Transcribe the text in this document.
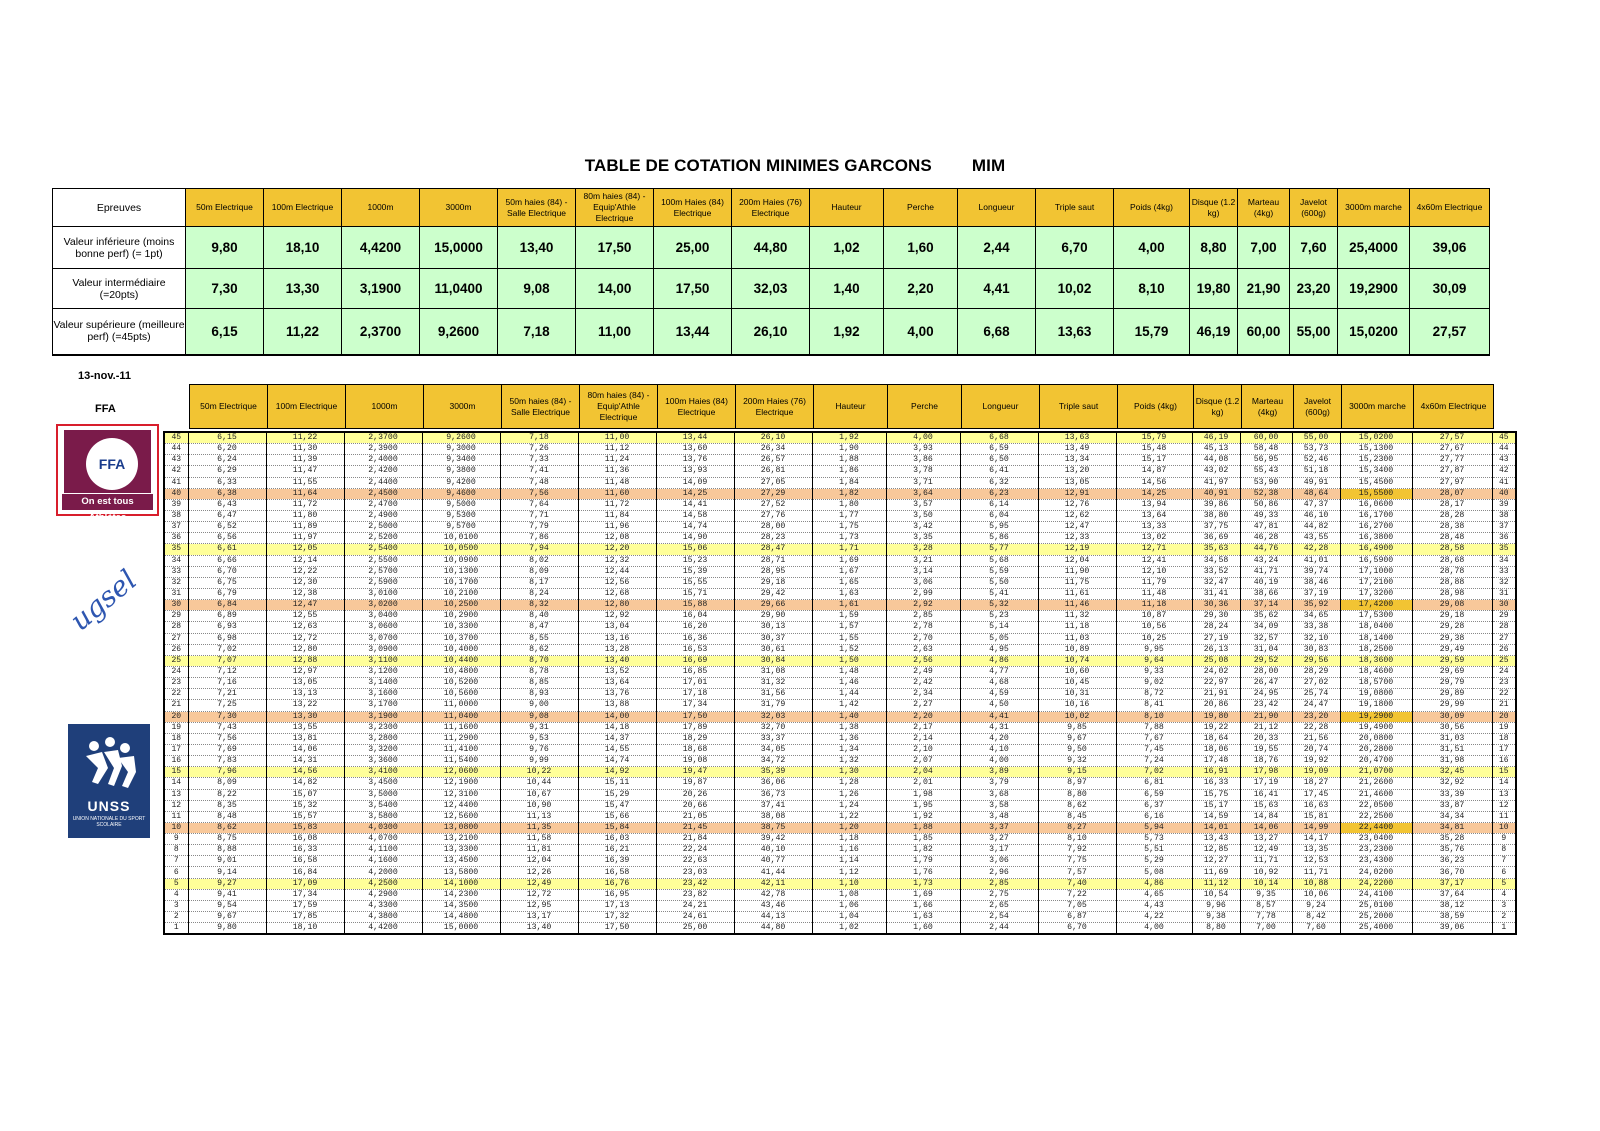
TABLE DE COTATION MINIMES GARCONS MIM
Epreuves	50m Electrique	100m Electrique	1000m	3000m	50m haies (84) - Salle Electrique	80m haies (84) - Equip'Athle Electrique	100m Haies (84) Electrique	200m Haies (76) Electrique	Hauteur	Perche	Longueur	Triple saut	Poids (4kg)	Disque (1.2 kg)	Marteau (4kg)	Javelot (600g)	3000m marche	4x60m Electrique
Valeur inférieure (moins bonne perf) (= 1pt)	9,80	18,10	4,4200	15,0000	13,40	17,50	25,00	44,80	1,02	1,60	2,44	6,70	4,00	8,80	7,00	7,60	25,4000	39,06
Valeur intermédiaire (=20pts)	7,30	13,30	3,1900	11,0400	9,08	14,00	17,50	32,03	1,40	2,20	4,41	10,02	8,10	19,80	21,90	23,20	19,2900	30,09
Valeur supérieure (meilleure perf) (=45pts)	6,15	11,22	2,3700	9,2600	7,18	11,00	13,44	26,10	1,92	4,00	6,68	13,63	15,79	46,19	60,00	55,00	15,0200	27,57
13-nov.-11
FFA	50m Electrique	100m Electrique	1000m	3000m	50m haies (84) - Salle Electrique	80m haies (84) - Equip'Athle Electrique	100m Haies (84) Electrique	200m Haies (76) Electrique	Hauteur	Perche	Longueur	Triple saut	Poids (4kg)	Disque (1.2 kg)	Marteau (4kg)	Javelot (600g)	3000m marche	4x60m Electrique
45	6,15	11,22	2,3700	9,2600	7,18	11,00	13,44	26,10	1,92	4,00	6,68	13,63	15,79	46,19	60,00	55,00	15,0200	27,57	45
44	6,20	11,30	2,3900	9,3000	7,26	11,12	13,60	26,34	1,90	3,93	6,59	13,49	15,48	45,13	58,48	53,73	15,1300	27,67	44
43	6,24	11,39	2,4000	9,3400	7,33	11,24	13,76	26,57	1,88	3,86	6,50	13,34	15,17	44,08	56,95	52,46	15,2300	27,77	43
42	6,29	11,47	2,4200	9,3800	7,41	11,36	13,93	26,81	1,86	3,78	6,41	13,20	14,87	43,02	55,43	51,18	15,3400	27,87	42
41	6,33	11,55	2,4400	9,4200	7,48	11,48	14,09	27,05	1,84	3,71	6,32	13,05	14,56	41,97	53,90	49,91	15,4500	27,97	41
40	6,38	11,64	2,4500	9,4600	7,56	11,60	14,25	27,29	1,82	3,64	6,23	12,91	14,25	40,91	52,38	48,64	15,5500	28,07	40
39	6,43	11,72	2,4700	9,5000	7,64	11,72	14,41	27,52	1,80	3,57	6,14	12,76	13,94	39,86	50,86	47,37	16,0600	28,17	39
38	6,47	11,80	2,4900	9,5300	7,71	11,84	14,58	27,76	1,77	3,50	6,04	12,62	13,64	38,80	49,33	46,10	16,1700	28,28	38
37	6,52	11,89	2,5000	9,5700	7,79	11,96	14,74	28,00	1,75	3,42	5,95	12,47	13,33	37,75	47,81	44,82	16,2700	28,38	37
36	6,56	11,97	2,5200	10,0100	7,86	12,08	14,90	28,23	1,73	3,35	5,86	12,33	13,02	36,69	46,28	43,55	16,3800	28,48	36
35	6,61	12,05	2,5400	10,0500	7,94	12,20	15,06	28,47	1,71	3,28	5,77	12,19	12,71	35,63	44,76	42,28	16,4900	28,58	35
34	6,66	12,14	2,5500	10,0900	8,02	12,32	15,23	28,71	1,69	3,21	5,68	12,04	12,41	34,58	43,24	41,01	16,5900	28,68	34
33	6,70	12,22	2,5700	10,1300	8,09	12,44	15,39	28,95	1,67	3,14	5,59	11,90	12,10	33,52	41,71	39,74	17,1000	28,78	33
32	6,75	12,30	2,5900	10,1700	8,17	12,56	15,55	29,18	1,65	3,06	5,50	11,75	11,79	32,47	40,19	38,46	17,2100	28,88	32
31	6,79	12,38	3,0100	10,2100	8,24	12,68	15,71	29,42	1,63	2,99	5,41	11,61	11,48	31,41	38,66	37,19	17,3200	28,98	31
30	6,84	12,47	3,0200	10,2500	8,32	12,80	15,88	29,66	1,61	2,92	5,32	11,46	11,18	30,36	37,14	35,92	17,4200	29,08	30
29	6,89	12,55	3,0400	10,2900	8,40	12,92	16,04	29,90	1,59	2,85	5,23	11,32	10,87	29,30	35,62	34,65	17,5300	29,18	29
28	6,93	12,63	3,0600	10,3300	8,47	13,04	16,20	30,13	1,57	2,78	5,14	11,18	10,56	28,24	34,09	33,38	18,0400	29,28	28
27	6,98	12,72	3,0700	10,3700	8,55	13,16	16,36	30,37	1,55	2,70	5,05	11,03	10,25	27,19	32,57	32,10	18,1400	29,38	27
26	7,02	12,80	3,0900	10,4000	8,62	13,28	16,53	30,61	1,52	2,63	4,95	10,89	9,95	26,13	31,04	30,83	18,2500	29,49	26
25	7,07	12,88	3,1100	10,4400	8,70	13,40	16,69	30,84	1,50	2,56	4,86	10,74	9,64	25,08	29,52	29,56	18,3600	29,59	25
24	7,12	12,97	3,1200	10,4800	8,78	13,52	16,85	31,08	1,48	2,49	4,77	10,60	9,33	24,02	28,00	28,29	18,4600	29,69	24
23	7,16	13,05	3,1400	10,5200	8,85	13,64	17,01	31,32	1,46	2,42	4,68	10,45	9,02	22,97	26,47	27,02	18,5700	29,79	23
22	7,21	13,13	3,1600	10,5600	8,93	13,76	17,18	31,56	1,44	2,34	4,59	10,31	8,72	21,91	24,95	25,74	19,0800	29,89	22
21	7,25	13,22	3,1700	11,0000	9,00	13,88	17,34	31,79	1,42	2,27	4,50	10,16	8,41	20,86	23,42	24,47	19,1800	29,99	21
20	7,30	13,30	3,1900	11,0400	9,08	14,00	17,50	32,03	1,40	2,20	4,41	10,02	8,10	19,80	21,90	23,20	19,2900	30,09	20
19	7,43	13,55	3,2300	11,1600	9,31	14,18	17,89	32,70	1,38	2,17	4,31	9,85	7,88	19,22	21,12	22,28	19,4900	30,56	19
18	7,56	13,81	3,2800	11,2900	9,53	14,37	18,29	33,37	1,36	2,14	4,20	9,67	7,67	18,64	20,33	21,56	20,0800	31,03	18
17	7,69	14,06	3,3200	11,4100	9,76	14,55	18,68	34,05	1,34	2,10	4,10	9,50	7,45	18,06	19,55	20,74	20,2800	31,51	17
16	7,83	14,31	3,3600	11,5400	9,99	14,74	19,08	34,72	1,32	2,07	4,00	9,32	7,24	17,48	18,76	19,92	20,4700	31,98	16
15	7,96	14,56	3,4100	12,0600	10,22	14,92	19,47	35,39	1,30	2,04	3,89	9,15	7,02	16,91	17,98	19,09	21,0700	32,45	15
14	8,09	14,82	3,4500	12,1900	10,44	15,11	19,87	36,06	1,28	2,01	3,79	8,97	6,81	16,33	17,19	18,27	21,2600	32,92	14
13	8,22	15,07	3,5000	12,3100	10,67	15,29	20,26	36,73	1,26	1,98	3,68	8,80	6,59	15,75	16,41	17,45	21,4600	33,39	13
12	8,35	15,32	3,5400	12,4400	10,90	15,47	20,66	37,41	1,24	1,95	3,58	8,62	6,37	15,17	15,63	16,63	22,0500	33,87	12
11	8,48	15,57	3,5800	12,5600	11,13	15,66	21,05	38,08	1,22	1,92	3,48	8,45	6,16	14,59	14,84	15,81	22,2500	34,34	11
10	8,62	15,83	4,0300	13,0800	11,35	15,84	21,45	38,75	1,20	1,88	3,37	8,27	5,94	14,01	14,06	14,99	22,4400	34,81	10
9	8,75	16,08	4,0700	13,2100	11,58	16,03	21,84	39,42	1,18	1,85	3,27	8,10	5,73	13,43	13,27	14,17	23,0400	35,28	9
8	8,88	16,33	4,1100	13,3300	11,81	16,21	22,24	40,10	1,16	1,82	3,17	7,92	5,51	12,85	12,49	13,35	23,2300	35,76	8
7	9,01	16,58	4,1600	13,4500	12,04	16,39	22,63	40,77	1,14	1,79	3,06	7,75	5,29	12,27	11,71	12,53	23,4300	36,23	7
6	9,14	16,84	4,2000	13,5800	12,26	16,58	23,03	41,44	1,12	1,76	2,96	7,57	5,08	11,69	10,92	11,71	24,0200	36,70	6
5	9,27	17,09	4,2500	14,1000	12,49	16,76	23,42	42,11	1,10	1,73	2,85	7,40	4,86	11,12	10,14	10,88	24,2200	37,17	5
4	9,41	17,34	4,2900	14,2300	12,72	16,95	23,82	42,78	1,08	1,69	2,75	7,22	4,65	10,54	9,35	10,06	24,4100	37,64	4
3	9,54	17,59	4,3300	14,3500	12,95	17,13	24,21	43,46	1,06	1,66	2,65	7,05	4,43	9,96	8,57	9,24	25,0100	38,12	3
2	9,67	17,85	4,3800	14,4800	13,17	17,32	24,61	44,13	1,04	1,63	2,54	6,87	4,22	9,38	7,78	8,42	25,2000	38,59	2
1	9,80	18,10	4,4200	15,0000	13,40	17,50	25,00	44,80	1,02	1,60	2,44	6,70	4,00	8,80	7,00	7,60	25,4000	39,06	1
FFA
On est tous Athlètes
ugsel
UNSS
UNION NATIONALE DU SPORT SCOLAIRE
